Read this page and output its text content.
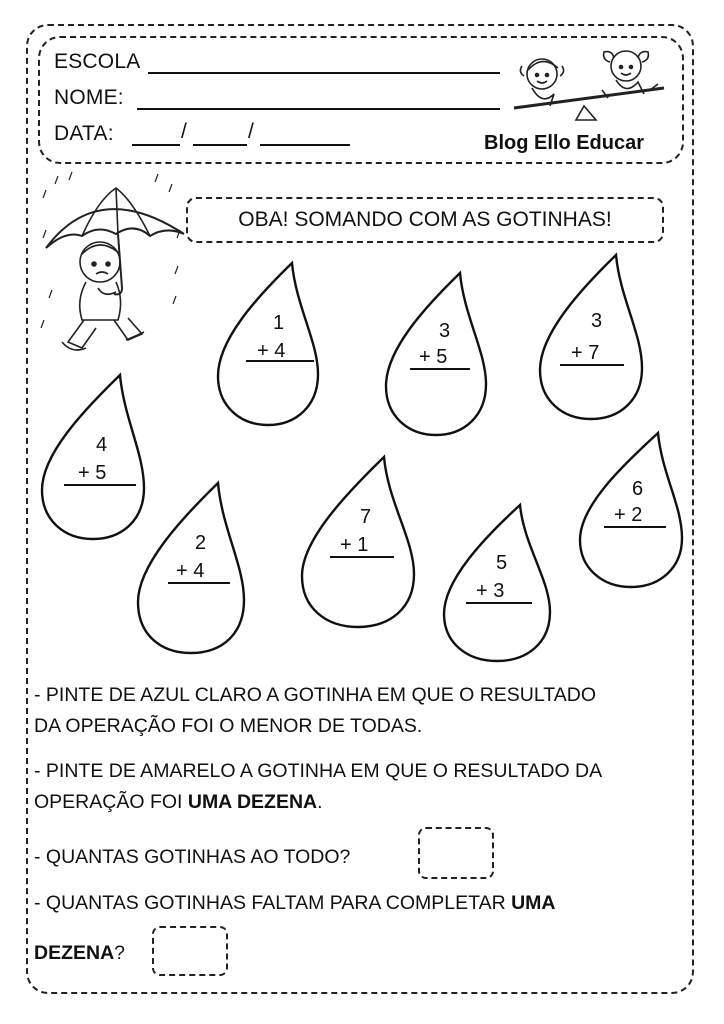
ESCOLA
NOME:
DATA:	/	/	Blog Ello Educar
OBA! SOMANDO COM AS GOTINHAS!
1
+ 4
3
+ 5
3
+ 7
4
+ 5
2
+ 4
7
+ 1
6
+ 2
5
+ 3
- PINTE DE AZUL CLARO A GOTINHA EM QUE O RESULTADO
DA OPERAÇÃO FOI O MENOR DE TODAS.
- PINTE DE AMARELO A GOTINHA EM QUE O RESULTADO DA
OPERAÇÃO FOI UMA DEZENA.
- QUANTAS GOTINHAS AO TODO?
- QUANTAS GOTINHAS FALTAM PARA COMPLETAR UMA
DEZENA?
